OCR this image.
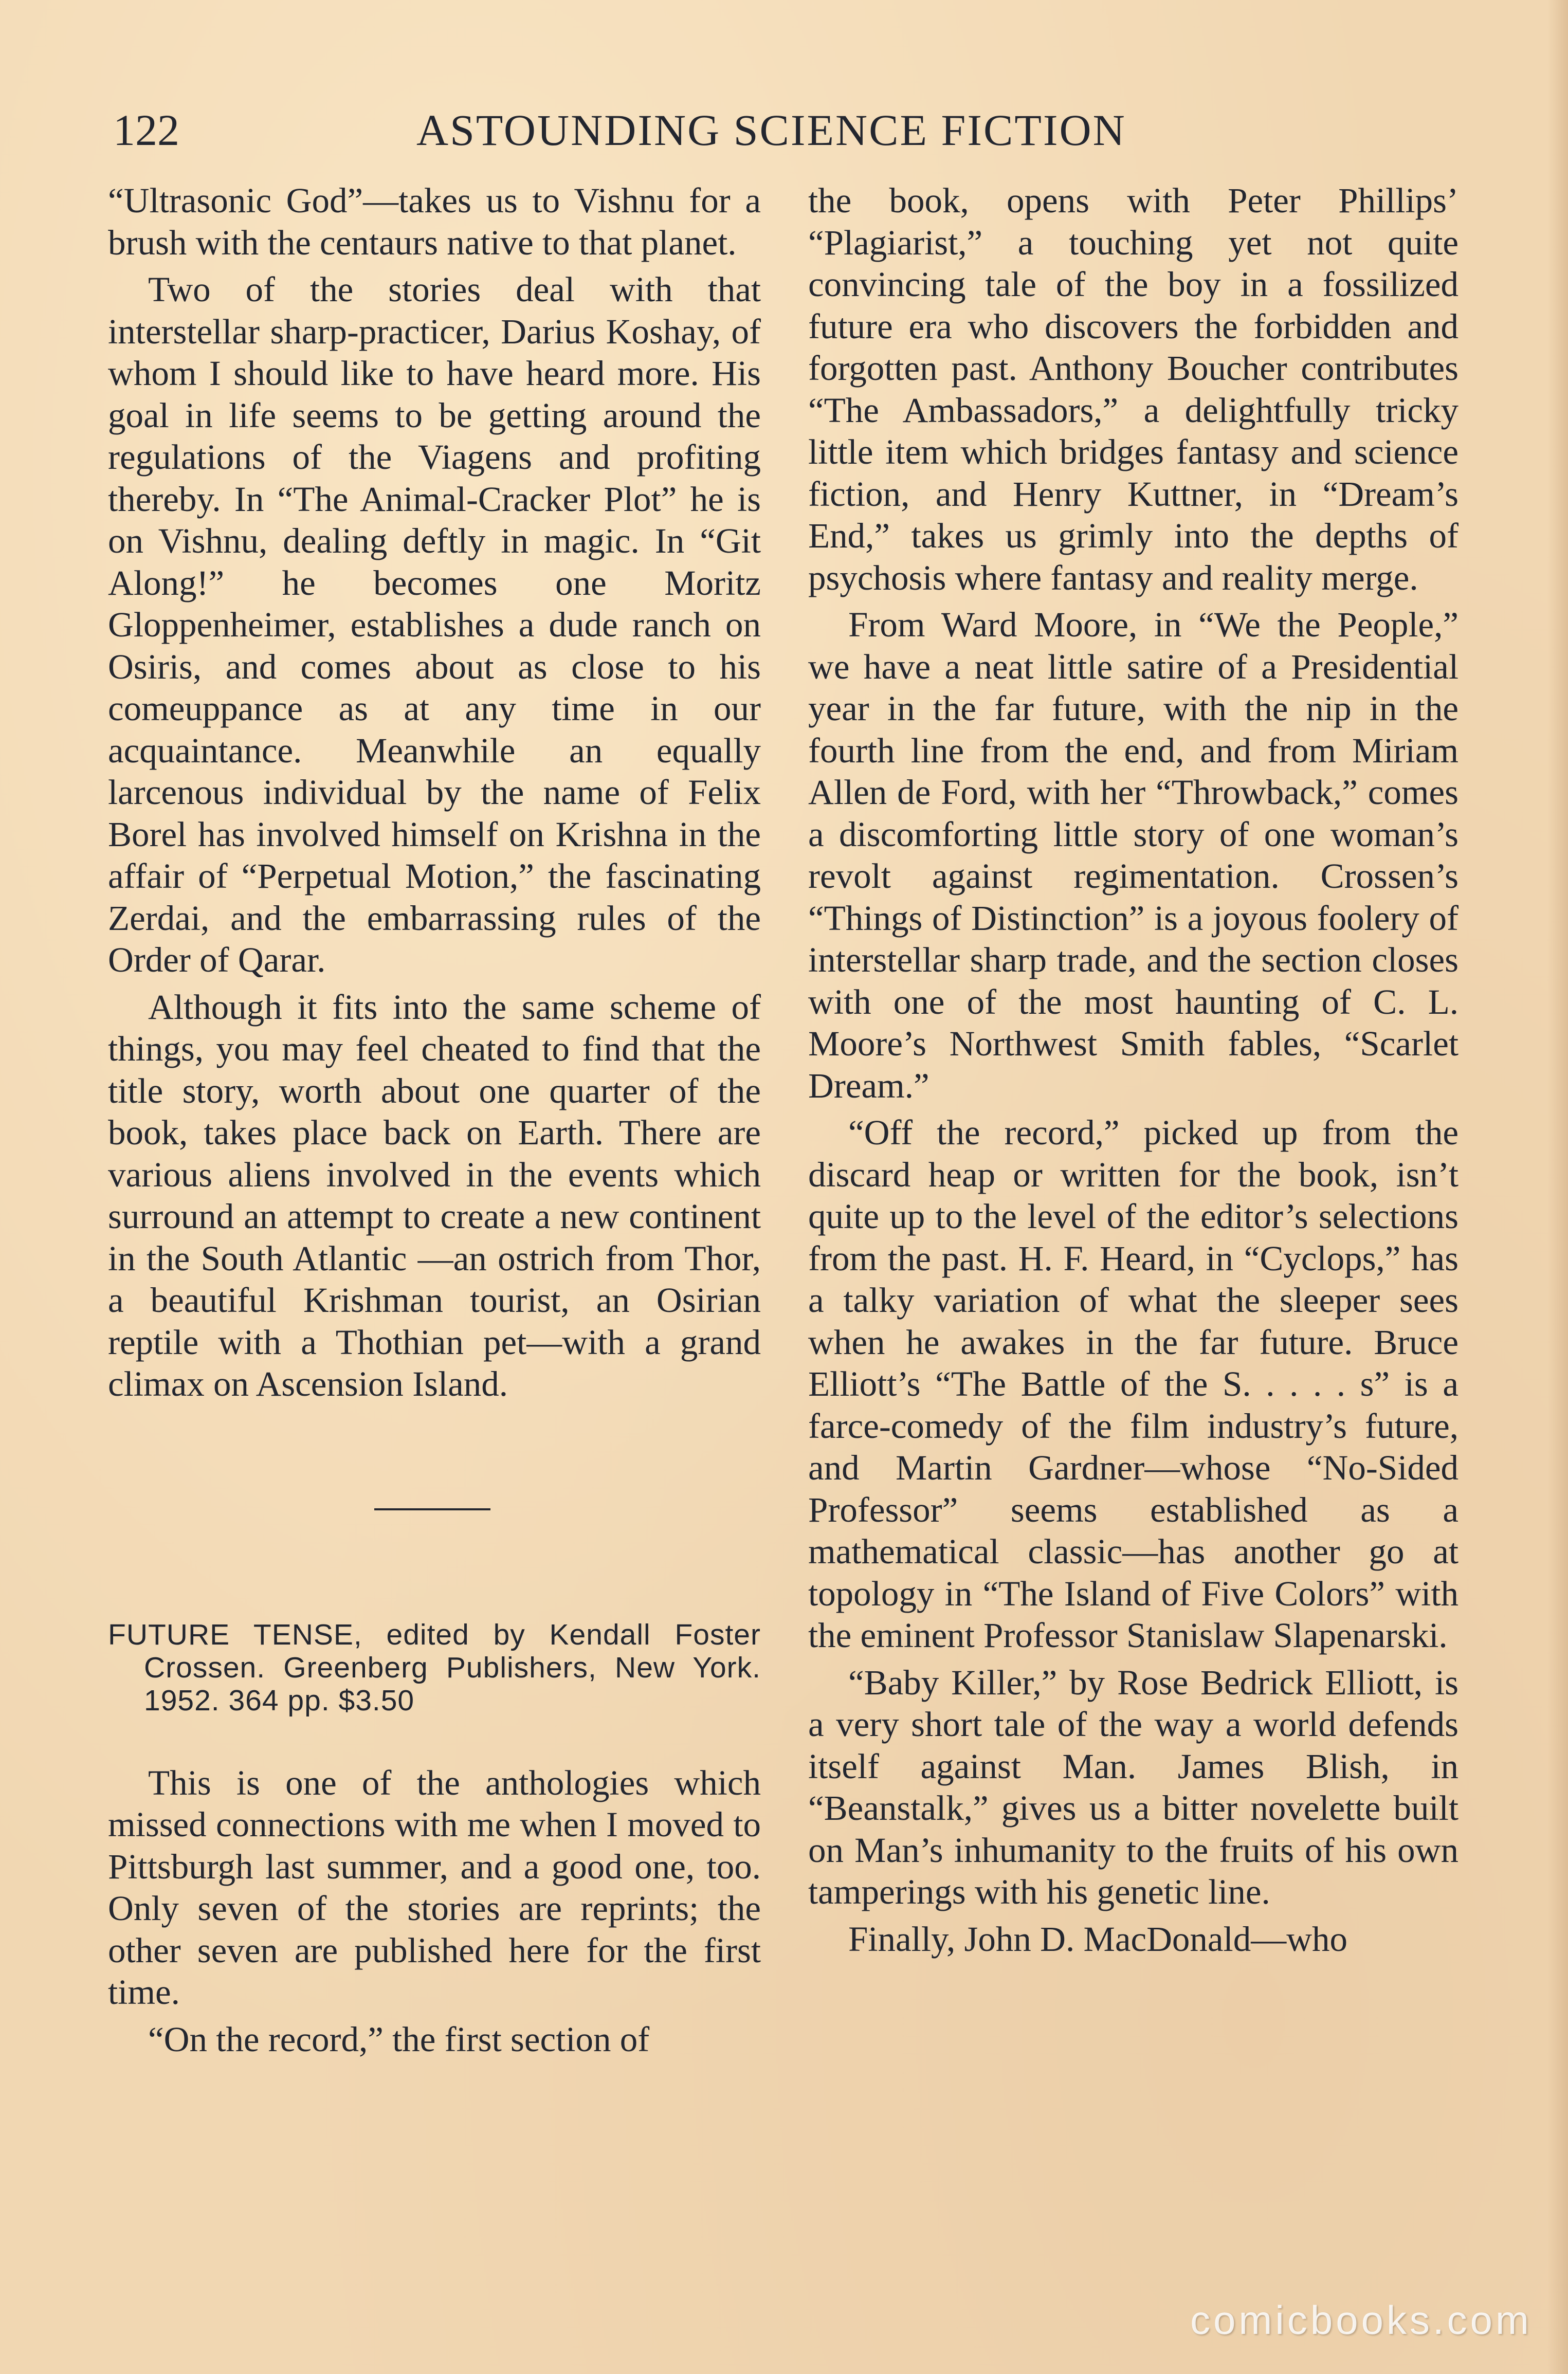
122	ASTOUNDING SCIENCE FICTION

“Ultrasonic God”—takes us to Vishnu for a brush with the centaurs native to that planet.

Two of the stories deal with that interstellar sharp-practicer, Darius Koshay, of whom I should like to have heard more. His goal in life seems to be getting around the regulations of the Viagens and profiting thereby. In “The Animal-Cracker Plot” he is on Vishnu, dealing deftly in magic. In “Git Along!” he becomes one Moritz Gloppenheimer, establishes a dude ranch on Osiris, and comes about as close to his comeuppance as at any time in our acquaintance. Meanwhile an equally larcenous individual by the name of Felix Borel has involved himself on Krishna in the affair of “Perpetual Motion,” the fascinating Zerdai, and the embarrassing rules of the Order of Qarar.

Although it fits into the same scheme of things, you may feel cheated to find that the title story, worth about one quarter of the book, takes place back on Earth. There are various aliens involved in the events which surround an attempt to create a new continent in the South Atlantic —an ostrich from Thor, a beautiful Krishman tourist, an Osirian reptile with a Thothian pet—with a grand climax on Ascension Island.

FUTURE TENSE, edited by Kendall Foster Crossen. Greenberg Publishers, New York. 1952. 364 pp. $3.50

This is one of the anthologies which missed connections with me when I moved to Pittsburgh last summer, and a good one, too. Only seven of the stories are reprints; the other seven are published here for the first time.

“On the record,” the first section of

the book, opens with Peter Phillips’ “Plagiarist,” a touching yet not quite convincing tale of the boy in a fossilized future era who discovers the forbidden and forgotten past. Anthony Boucher contributes “The Ambassadors,” a delightfully tricky little item which bridges fantasy and science fiction, and Henry Kuttner, in “Dream’s End,” takes us grimly into the depths of psychosis where fantasy and reality merge.

From Ward Moore, in “We the People,” we have a neat little satire of a Presidential year in the far future, with the nip in the fourth line from the end, and from Miriam Allen de Ford, with her “Throwback,” comes a discomforting little story of one woman’s revolt against regimentation. Crossen’s “Things of Distinction” is a joyous foolery of interstellar sharp trade, and the section closes with one of the most haunting of C. L. Moore’s Northwest Smith fables, “Scarlet Dream.”

“Off the record,” picked up from the discard heap or written for the book, isn’t quite up to the level of the editor’s selections from the past. H. F. Heard, in “Cyclops,” has a talky variation of what the sleeper sees when he awakes in the far future. Bruce Elliott’s “The Battle of the S. . . . . s” is a farce-comedy of the film industry’s future, and Martin Gardner—whose “No-Sided Professor” seems established as a mathematical classic—has another go at topology in “The Island of Five Colors” with the eminent Professor Stanislaw Slapenarski.

“Baby Killer,” by Rose Bedrick Elliott, is a very short tale of the way a world defends itself against Man. James Blish, in “Beanstalk,” gives us a bitter novelette built on Man’s inhumanity to the fruits of his own tamperings with his genetic line.

Finally, John D. MacDonald—who

comicbooks.com
